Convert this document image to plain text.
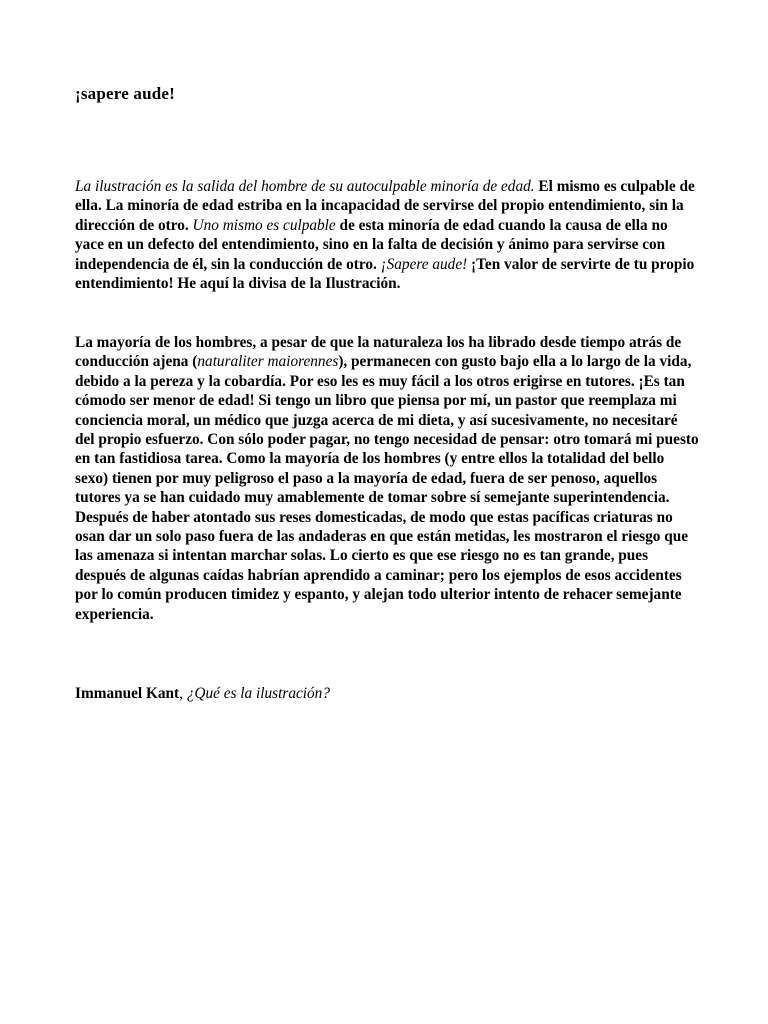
¡sapere aude!

La ilustración es la salida del hombre de su autoculpable minoría de edad. El mismo es culpable de ella. La minoría de edad estriba en la incapacidad de servirse del propio entendimiento, sin la dirección de otro. Uno mismo es culpable de esta minoría de edad cuando la causa de ella no yace en un defecto del entendimiento, sino en la falta de decisión y ánimo para servirse con independencia de él, sin la conducción de otro. ¡Sapere aude! ¡Ten valor de servirte de tu propio entendimiento! He aquí la divisa de la Ilustración.

La mayoría de los hombres, a pesar de que la naturaleza los ha librado desde tiempo atrás de conducción ajena (naturaliter maiorennes), permanecen con gusto bajo ella a lo largo de la vida, debido a la pereza y la cobardía. Por eso les es muy fácil a los otros erigirse en tutores. ¡Es tan cómodo ser menor de edad! Si tengo un libro que piensa por mí, un pastor que reemplaza mi conciencia moral, un médico que juzga acerca de mi dieta, y así sucesivamente, no necesitaré del propio esfuerzo. Con sólo poder pagar, no tengo necesidad de pensar: otro tomará mi puesto en tan fastidiosa tarea. Como la mayoría de los hombres (y entre ellos la totalidad del bello sexo) tienen por muy peligroso el paso a la mayoría de edad, fuera de ser penoso, aquellos tutores ya se han cuidado muy amablemente de tomar sobre sí semejante superintendencia. Después de haber atontado sus reses domesticadas, de modo que estas pacíficas criaturas no osan dar un solo paso fuera de las andaderas en que están metidas, les mostraron el riesgo que las amenaza si intentan marchar solas. Lo cierto es que ese riesgo no es tan grande, pues después de algunas caídas habrían aprendido a caminar; pero los ejemplos de esos accidentes por lo común producen timidez y espanto, y alejan todo ulterior intento de rehacer semejante experiencia.

Immanuel Kant, ¿Qué es la ilustración?
